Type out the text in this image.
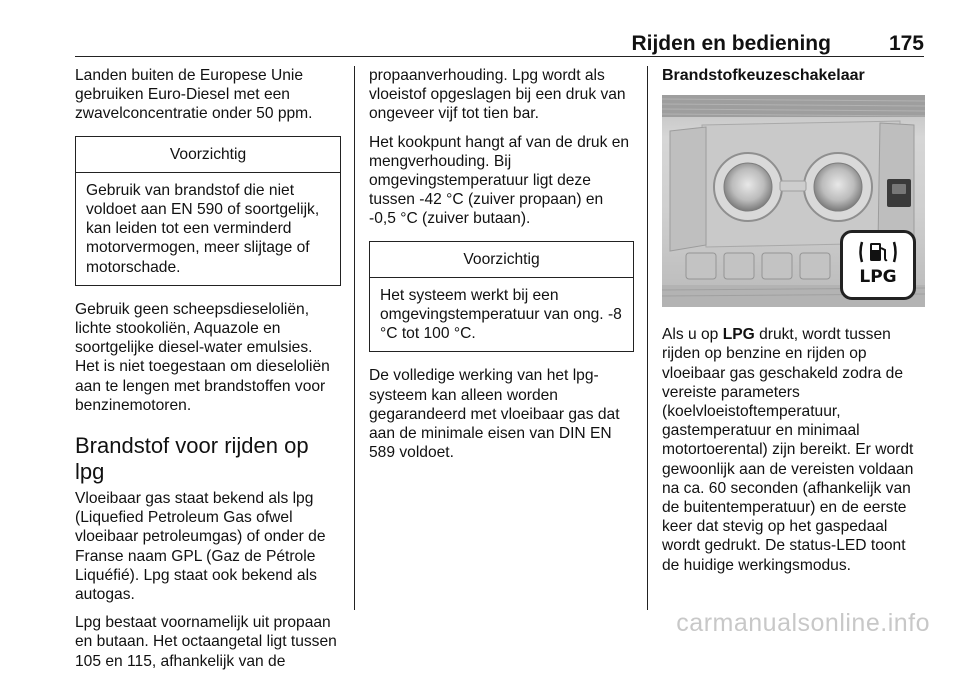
Rijden en bediening	175

Landen buiten de Europese Unie gebruiken Euro-Diesel met een zwavelconcentratie onder 50 ppm.

Voorzichtig
Gebruik van brandstof die niet voldoet aan EN 590 of soortgelijk, kan leiden tot een verminderd motorvermogen, meer slijtage of motorschade.

Gebruik geen scheepsdieseloliën, lichte stookoliën, Aquazole en soortgelijke diesel-water emulsies. Het is niet toegestaan om dieseloliën aan te lengen met brandstoffen voor benzinemotoren.

Brandstof voor rijden op lpg

Vloeibaar gas staat bekend als lpg (Liquefied Petroleum Gas ofwel vloeibaar petroleumgas) of onder de Franse naam GPL (Gaz de Pétrole Liquéfié). Lpg staat ook bekend als autogas.

Lpg bestaat voornamelijk uit propaan en butaan. Het octaangetal ligt tussen 105 en 115, afhankelijk van de

propaanverhouding. Lpg wordt als vloeistof opgeslagen bij een druk van ongeveer vijf tot tien bar.

Het kookpunt hangt af van de druk en mengverhouding. Bij omgevingstemperatuur ligt deze tussen -42 °C (zuiver propaan) en -0,5 °C (zuiver butaan).

Voorzichtig
Het systeem werkt bij een omgevingstemperatuur van ong. -8 °C tot 100 °C.

De volledige werking van het lpg-systeem kan alleen worden gegarandeerd met vloeibaar gas dat aan de minimale eisen van DIN EN 589 voldoet.

Brandstofkeuzeschakelaar
LPG

Als u op LPG drukt, wordt tussen rijden op benzine en rijden op vloeibaar gas geschakeld zodra de vereiste parameters (koelvloeistoftemperatuur, gastemperatuur en minimaal motortoerental) zijn bereikt. Er wordt gewoonlijk aan de vereisten voldaan na ca. 60 seconden (afhankelijk van de buitentemperatuur) en de eerste keer dat stevig op het gaspedaal wordt gedrukt. De status-LED toont de huidige werkingsmodus.

carmanualsonline.info
